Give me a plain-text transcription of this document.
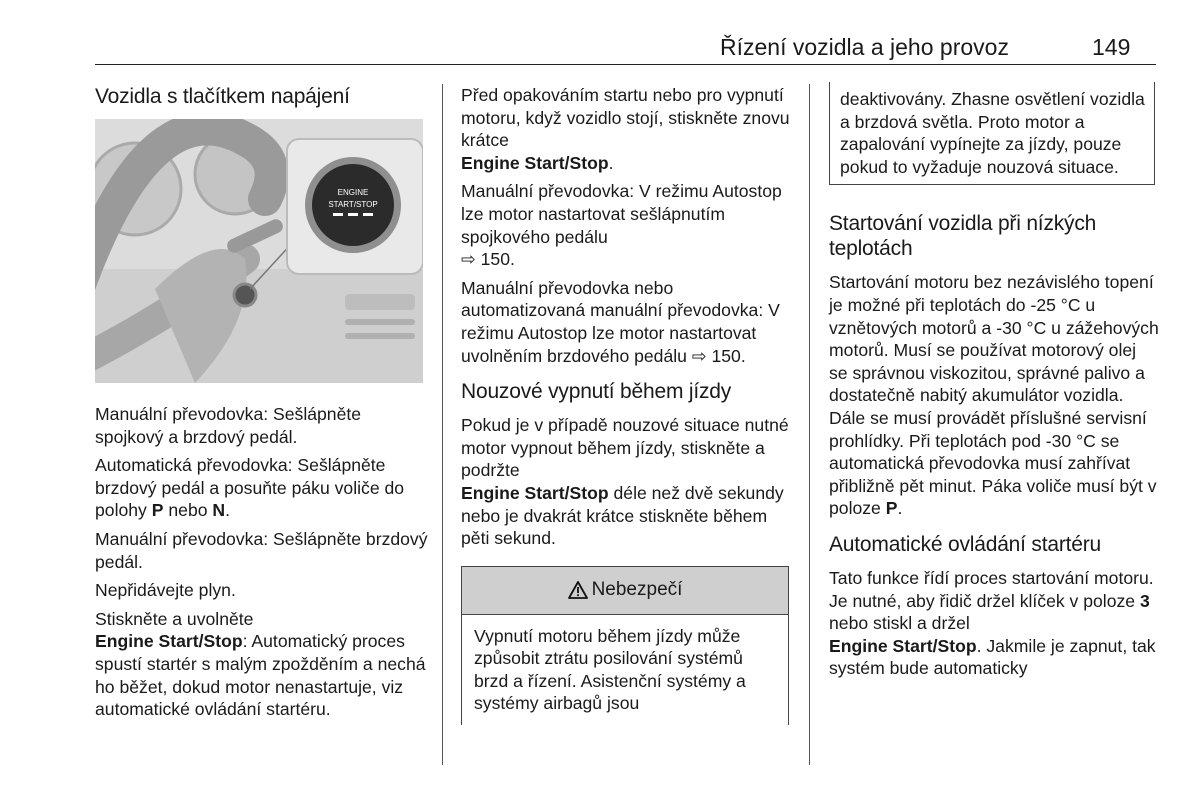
Řízení vozidla a jeho provoz	149
Vozidla s tlačítkem napájení
ENGINE
START/STOP

Manuální převodovka: Sešlápněte spojkový a brzdový pedál.

Automatická převodovka: Sešlápněte brzdový pedál a posuňte páku voliče do polohy P nebo N.

Manuální převodovka: Sešlápněte brzdový pedál.

Nepřidávejte plyn.

Stiskněte a uvolněte
Engine Start/Stop: Automatický proces spustí startér s malým zpožděním a nechá ho běžet, dokud motor nenastartuje, viz automatické ovládání startéru.

Před opakováním startu nebo pro vypnutí motoru, když vozidlo stojí, stiskněte znovu krátce
Engine Start/Stop.

Manuální převodovka: V režimu Autostop lze motor nastartovat sešlápnutím spojkového pedálu
⇨ 150.

Manuální převodovka nebo automatizovaná manuální převodovka: V režimu Autostop lze motor nastartovat uvolněním brzdového pedálu ⇨ 150.

Nouzové vypnutí během jízdy

Pokud je v případě nouzové situace nutné motor vypnout během jízdy, stiskněte a podržte
Engine Start/Stop déle než dvě sekundy nebo je dvakrát krátce stiskněte během pěti sekund.

Nebezpečí
Vypnutí motoru během jízdy může způsobit ztrátu posilování systémů brzd a řízení. Asistenční systémy a systémy airbagů jsou
deaktivovány. Zhasne osvětlení vozidla a brzdová světla. Proto motor a zapalování vypínejte za jízdy, pouze pokud to vyžaduje nouzová situace.
Startování vozidla při nízkých teplotách

Startování motoru bez nezávislého topení je možné při teplotách do -25 °C u vznětových motorů a -30 °C u zážehových motorů. Musí se používat motorový olej se správnou viskozitou, správné palivo a dostatečně nabitý akumulátor vozidla. Dále se musí provádět příslušné servisní prohlídky. Při teplotách pod -30 °C se automatická převodovka musí zahřívat přibližně pět minut. Páka voliče musí být v poloze P.

Automatické ovládání startéru

Tato funkce řídí proces startování motoru. Je nutné, aby řidič držel klíček v poloze 3 nebo stiskl a držel
Engine Start/Stop. Jakmile je zapnut, tak systém bude automaticky
